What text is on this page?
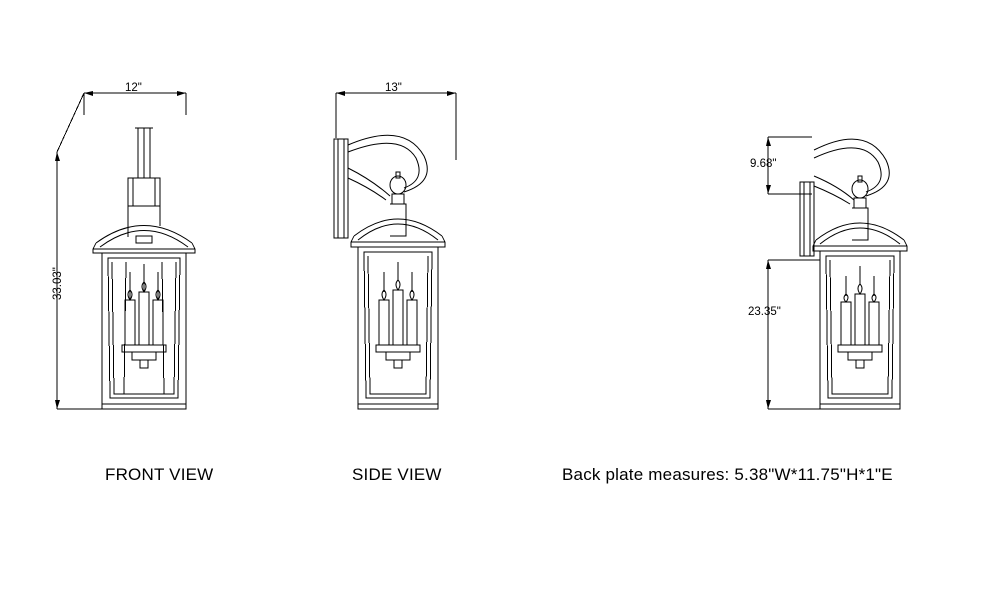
12"
33.03"
13"
9.68"
23.35"
FRONT VIEW	SIDE VIEW	Back plate measures: 5.38"W*11.75"H*1"E
